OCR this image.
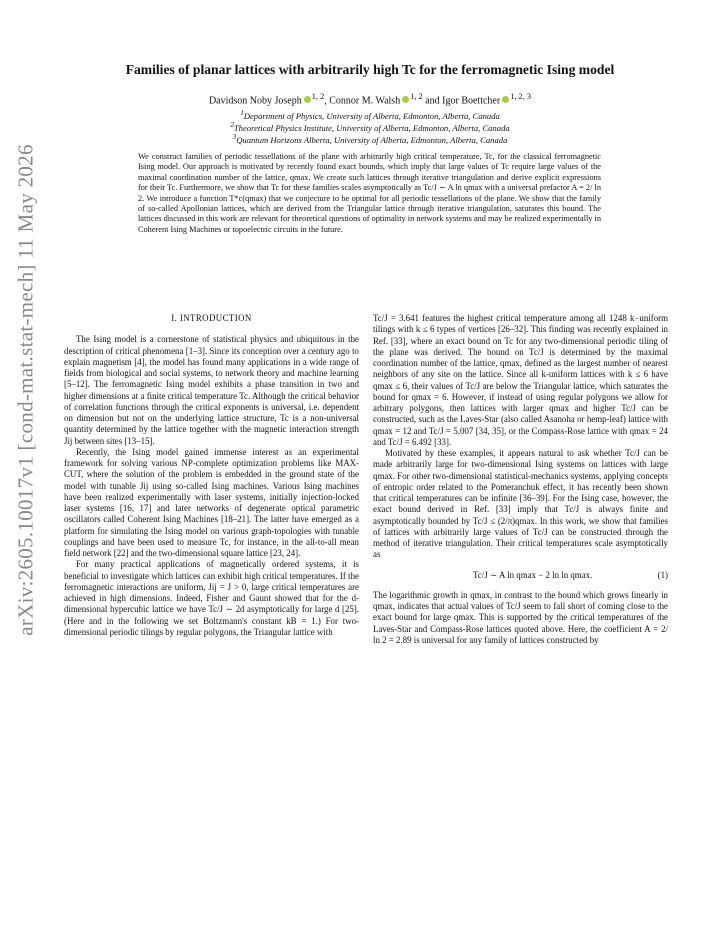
arXiv:2605.10017v1 [cond-mat.stat-mech] 11 May 2026
Families of planar lattices with arbitrarily high Tc for the ferromagnetic Ising model
Davidson Noby Joseph $^{1, 2}$, Connor M. Walsh $^{1, 2}$ and Igor Boettcher $^{1, 2, 3}$
$^1$Department of Physics, University of Alberta, Edmonton, Alberta, Canada
$^2$Theoretical Physics Institute, University of Alberta, Edmonton, Alberta, Canada
$^3$Quantum Horizons Alberta, University of Alberta, Edmonton, Alberta, Canada
We construct families of periodic tessellations of the plane with arbitrarily high critical temperature, Tc, for the classical ferromagnetic Ising model. Our approach is motivated by recently found exact bounds, which imply that large values of Tc require large values of the maximal coordination number of the lattice, qmax. We create such lattices through iterative triangulation and derive explicit expressions for their Tc. Furthermore, we show that Tc for these families scales asymptotically as Tc/J ∼ A ln qmax with a universal prefactor A = 2/ ln 2. We introduce a function T*c(qmax) that we conjecture to be optimal for all periodic tessellations of the plane. We show that the family of so-called Apollonian lattices, which are derived from the Triangular lattice through iterative triangulation, saturates this bound. The lattices discussed in this work are relevant for theoretical questions of optimality in network systems and may be realized experimentally in Coherent Ising Machines or topoelectric circuits in the future.
I. INTRODUCTION

The Ising model is a cornerstone of statistical physics and ubiquitous in the description of critical phenomena [1–3]. Since its conception over a century ago to explain magnetism [4], the model has found many applications in a wide range of fields from biological and social systems, to network theory and machine learning [5–12]. The ferromagnetic Ising model exhibits a phase transition in two and higher dimensions at a finite critical temperature Tc. Although the critical behavior of correlation functions through the critical exponents is universal, i.e. dependent on dimension but not on the underlying lattice structure, Tc is a non-universal quantity determined by the lattice together with the magnetic interaction strength Jij between sites [13–15].

Recently, the Ising model gained immense interest as an experimental framework for solving various NP-complete optimization problems like MAX-CUT, where the solution of the problem is embedded in the ground state of the model with tunable Jij using so-called Ising machines. Various Ising machines have been realized experimentally with laser systems, initially injection-locked laser systems [16, 17] and later networks of degenerate optical parametric oscillators called Coherent Ising Machines [18–21]. The latter have emerged as a platform for simulating the Ising model on various graph-topologies with tunable couplings and have been used to measure Tc, for instance, in the all-to-all mean field network [22] and the two-dimensional square lattice [23, 24].

For many practical applications of magnetically ordered systems, it is beneficial to investigate which lattices can exhibit high critical temperatures. If the ferromagnetic interactions are uniform, Jij = J > 0, large critical temperatures are achieved in high dimensions. Indeed, Fisher and Gaunt showed that for the d-dimensional hypercubic lattice we have Tc/J ∼ 2d asymptotically for large d [25]. (Here and in the following we set Boltzmann's constant kB = 1.) For two-dimensional periodic tilings by regular polygons, the Triangular lattice with

Tc/J = 3.641 features the highest critical temperature among all 1248 k−uniform tilings with k ≤ 6 types of vertices [26–32]. This finding was recently explained in Ref. [33], where an exact bound on Tc for any two-dimensional periodic tiling of the plane was derived. The bound on Tc/J is determined by the maximal coordination number of the lattice, qmax, defined as the largest number of nearest neighbors of any site on the lattice. Since all k-uniform lattices with k ≤ 6 have qmax ≤ 6, their values of Tc/J are below the Triangular lattice, which saturates the bound for qmax = 6. However, if instead of using regular polygons we allow for arbitrary polygons, then lattices with larger qmax and higher Tc/J can be constructed, such as the Laves-Star (also called Asanoha or hemp-leaf) lattice with qmax = 12 and Tc/J = 5.007 [34, 35], or the Compass-Rose lattice with qmax = 24 and Tc/J = 6.492 [33].

Motivated by these examples, it appears natural to ask whether Tc/J can be made arbitrarily large for two-dimensional Ising systems on lattices with large qmax. For other two-dimensional statistical-mechanics systems, applying concepts of entropic order related to the Pomeranchuk effect, it has recently been shown that critical temperatures can be infinite [36–39]. For the Ising case, however, the exact bound derived in Ref. [33] imply that Tc/J is always finite and asymptotically bounded by Tc/J ≤ (2/π)qmax. In this work, we show that families of lattices with arbitrarily large values of Tc/J can be constructed through the method of iterative triangulation. Their critical temperatures scale asymptotically as

Tc/J ∼ A ln qmax − 2 ln ln qmax.	(1)

The logarithmic growth in qmax, in contrast to the bound which grows linearly in qmax, indicates that actual values of Tc/J seem to fall short of coming close to the exact bound for large qmax. This is supported by the critical temperatures of the Laves-Star and Compass-Rose lattices quoted above. Here, the coefficient A = 2/ ln 2 = 2.89 is universal for any family of lattices constructed by
